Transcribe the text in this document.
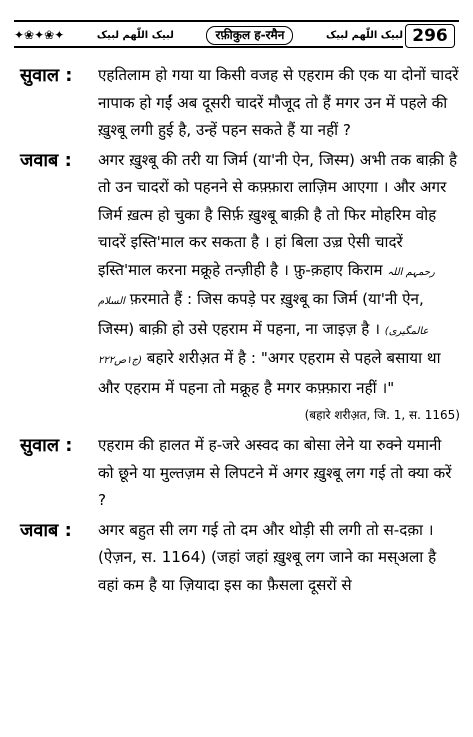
✦❀✦❀✦	لبیک اللّٰھم لبیک	रफ़ीकुल ह-रमैन	لبیک اللّٰھم لبیک 296
सुवाल :	एहतिलाम हो गया या किसी वजह से एहराम की एक या दोनों चादरें नापाक हो गईं अब दूसरी चादरें मौजूद तो हैं मगर उन में पहले की ख़ुश्बू लगी हुई है, उन्हें पहन सकते हैं या नहीं ?
जवाब :	अगर ख़ुश्बू की तरी या जिर्म (या'नी ऐन, जिस्म) अभी तक बाक़ी है तो उन चादरों को पहनने से कफ़्फ़ारा लाज़िम आएगा । और अगर जिर्म ख़त्म हो चुका है सिर्फ़ ख़ुश्बू बाक़ी है तो फिर मोहरिम वोह चादरें इस्ति'माल कर सकता है । हां बिला उज़्र ऐसी चादरें इस्ति'माल करना मक्रूहे तन्ज़ीही है । फ़ु-क़हाए किराम رحمہم اللہ السلام फ़रमाते हैं : जिस कपड़े पर ख़ुश्बू का जिर्म (या'नी ऐन, जिस्म) बाक़ी हो उसे एहराम में पहना, ना जाइज़ है । (عالمگیری ج۱ص۲۲۲) बहारे शरीअ़त में है : "अगर एहराम से पहले बसाया था और एहराम में पहना तो मक्रूह है मगर कफ़्फ़ारा नहीं ।"
(बहारे शरीअ़त, जि. 1, स. 1165)
सुवाल :	एहराम की हालत में ह-जरे अस्वद का बोसा लेने या रुक्ने यमानी को छूने या मुल्तज़म से लिपटने में अगर ख़ुश्बू लग गई तो क्या करें ?
जवाब :	अगर बहुत सी लग गई तो दम और थोड़ी सी लगी तो स-दक़ा । (ऐज़न, स. 1164) (जहां जहां ख़ुश्बू लग जाने का मस्अला है वहां कम है या ज़ियादा इस का फ़ैसला दूसरों से
